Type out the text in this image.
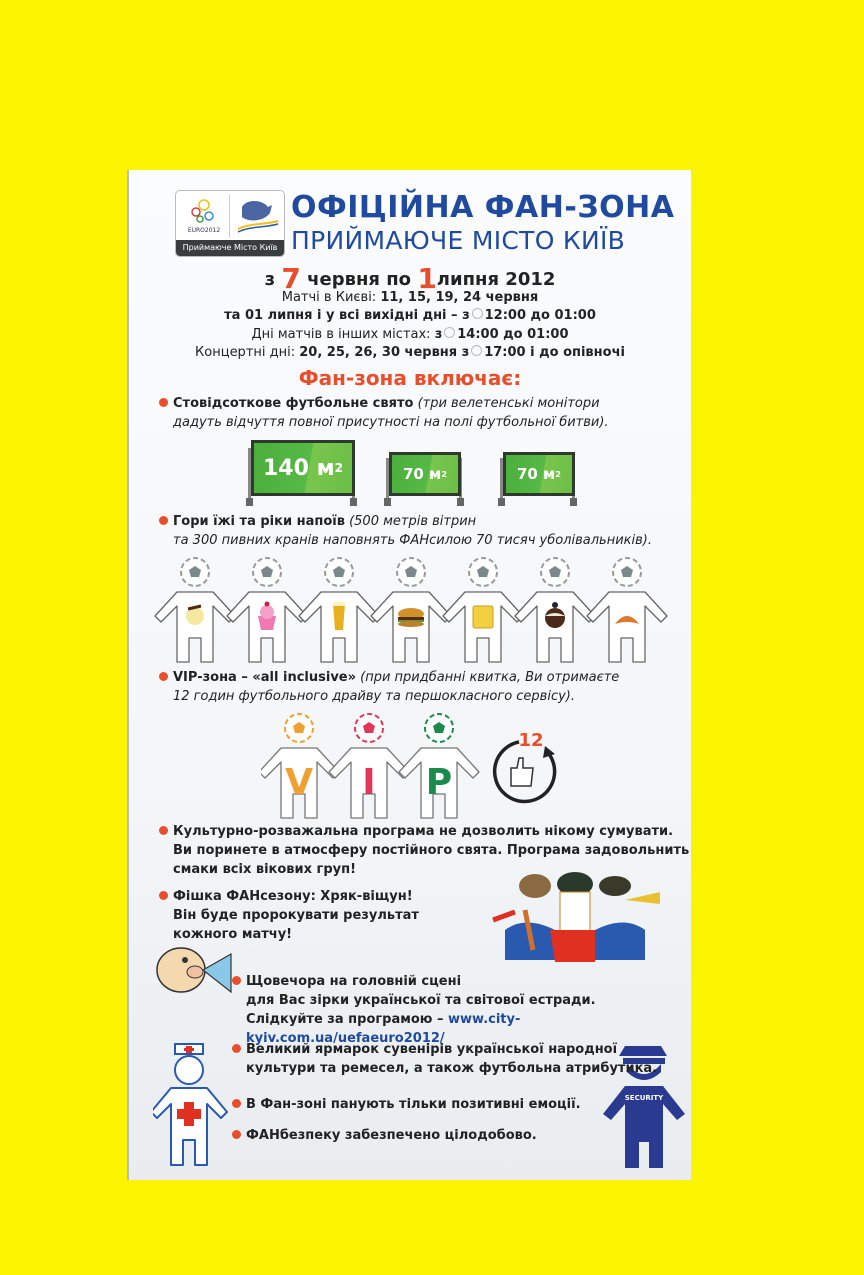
EURO2012
Приймаюче Місто Київ
ОФІЦІЙНА ФАН-ЗОНА
ПРИЙМАЮЧЕ МІСТО КИЇВ
з 7 червня по 1липня 2012
Матчі в Києві: 11, 15, 19, 24 червня
та 01 липня і у всі вихідні дні – з 12:00 до 01:00
Дні матчів в інших містах: з 14:00 до 01:00
Концертні дні: 20, 25, 26, 30 червня з 17:00 і до опівночі
Фан-зона включає:
Стовідсоткове футбольне свято (три велетенські монітори
дадуть відчуття повної присутності на полі футбольної битви).
140 м 2	70 м 2	70 м 2
Гори їжі та ріки напоїв (500 метрів вітрин
та 300 пивних кранів наповнять ФАНсилою 70 тисяч уболівальників).
VIP-зона – «all inclusive» (при придбанні квитка, Ви отримаєте
12 годин футбольного драйву та першокласного сервісу).
V I P
12
Культурно-розважальна програма не дозволить нікому сумувати.
Ви поринете в атмосферу постійного свята. Програма задовольнить
смаки всіх вікових груп!
Фішка ФАНсезону: Хряк-віщун!
Він буде пророкувати результат
кожного матчу!
Щовечора на головній сцені
для Вас зірки української та світової естради.
Слідкуйте за програмою – www.city-kyiv.com.ua/uefaeuro2012/
SECURITY
Великий ярмарок сувенірів української народної
культури та ремесел, а також футбольна атрибутика.
В Фан-зоні панують тільки позитивні емоції.
ФАНбезпеку забезпечено цілодобово.
